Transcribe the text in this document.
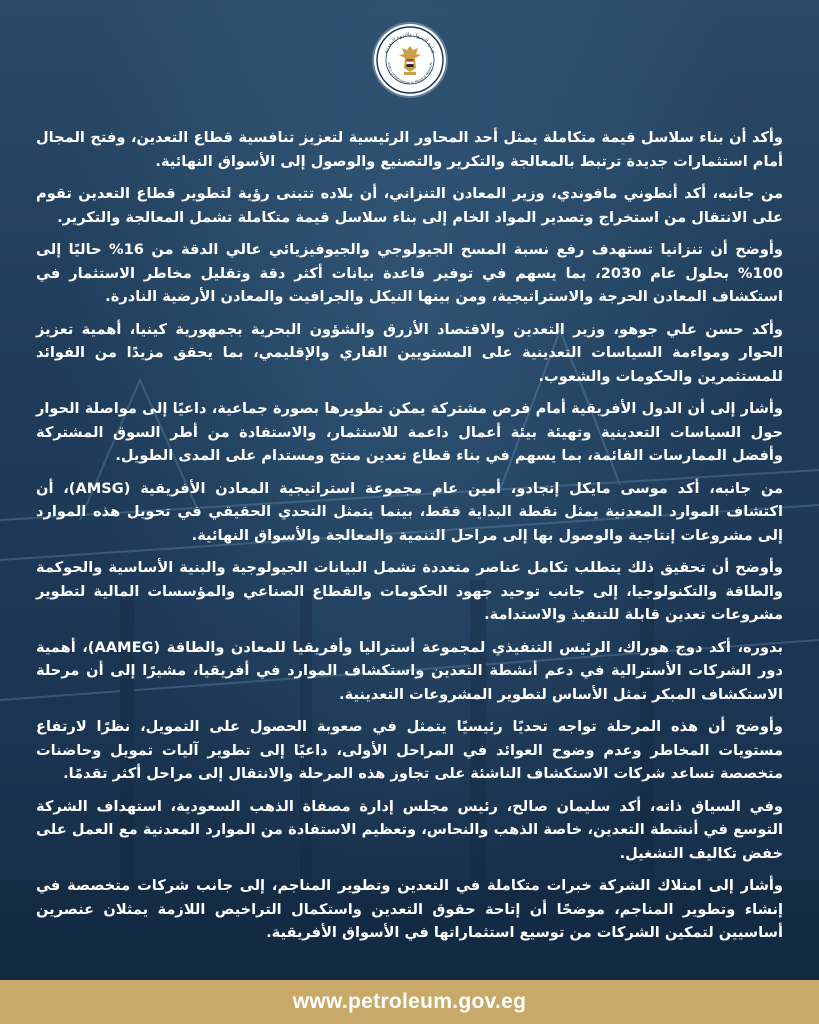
وزارة البترول والثروة المعدنية
nistry of Petroleum & Mineral Resourc

وأكد أن بناء سلاسل قيمة متكاملة يمثل أحد المحاور الرئيسية لتعزيز تنافسية قطاع التعدين، وفتح المجال أمام استثمارات جديدة ترتبط بالمعالجة والتكرير والتصنيع والوصول إلى الأسواق النهائية.

من جانبه، أكد أنطوني مافوندي، وزير المعادن التنزاني، أن بلاده تتبنى رؤية لتطوير قطاع التعدين تقوم على الانتقال من استخراج وتصدير المواد الخام إلى بناء سلاسل قيمة متكاملة تشمل المعالجة والتكرير.

وأوضح أن تنزانيا تستهدف رفع نسبة المسح الجيولوجي والجيوفيزيائي عالي الدقة من 16% حاليًا إلى 100% بحلول عام 2030، بما يسهم في توفير قاعدة بيانات أكثر دقة وتقليل مخاطر الاستثمار في استكشاف المعادن الحرجة والاستراتيجية، ومن بينها النيكل والجرافيت والمعادن الأرضية النادرة.

وأكد حسن علي جوهو، وزير التعدين والاقتصاد الأزرق والشؤون البحرية بجمهورية كينيا، أهمية تعزيز الحوار ومواءمة السياسات التعدينية على المستويين القاري والإقليمي، بما يحقق مزيدًا من الفوائد للمستثمرين والحكومات والشعوب.

وأشار إلى أن الدول الأفريقية أمام فرص مشتركة يمكن تطويرها بصورة جماعية، داعيًا إلى مواصلة الحوار حول السياسات التعدينية وتهيئة بيئة أعمال داعمة للاستثمار، والاستفادة من أطر السوق المشتركة وأفضل الممارسات القائمة، بما يسهم في بناء قطاع تعدين منتج ومستدام على المدى الطويل.

من جانبه، أكد موسى مايكل إنجادو، أمين عام مجموعة استراتيجية المعادن الأفريقية (AMSG)، أن اكتشاف الموارد المعدنية يمثل نقطة البداية فقط، بينما يتمثل التحدي الحقيقي في تحويل هذه الموارد إلى مشروعات إنتاجية والوصول بها إلى مراحل التنمية والمعالجة والأسواق النهائية.

وأوضح أن تحقيق ذلك يتطلب تكامل عناصر متعددة تشمل البيانات الجيولوجية والبنية الأساسية والحوكمة والطاقة والتكنولوجيا، إلى جانب توحيد جهود الحكومات والقطاع الصناعي والمؤسسات المالية لتطوير مشروعات تعدين قابلة للتنفيذ والاستدامة.

بدوره، أكد دوج هوراك، الرئيس التنفيذي لمجموعة أستراليا وأفريقيا للمعادن والطاقة (AAMEG)، أهمية دور الشركات الأسترالية في دعم أنشطة التعدين واستكشاف الموارد في أفريقيا، مشيرًا إلى أن مرحلة الاستكشاف المبكر تمثل الأساس لتطوير المشروعات التعدينية.

وأوضح أن هذه المرحلة تواجه تحديًا رئيسيًا يتمثل في صعوبة الحصول على التمويل، نظرًا لارتفاع مستويات المخاطر وعدم وضوح العوائد في المراحل الأولى، داعيًا إلى تطوير آليات تمويل وحاضنات متخصصة تساعد شركات الاستكشاف الناشئة على تجاوز هذه المرحلة والانتقال إلى مراحل أكثر تقدمًا.

وفي السياق ذاته، أكد سليمان صالح، رئيس مجلس إدارة مصفاة الذهب السعودية، استهداف الشركة التوسع في أنشطة التعدين، خاصة الذهب والنحاس، وتعظيم الاستفادة من الموارد المعدنية مع العمل على خفض تكاليف التشغيل.

وأشار إلى امتلاك الشركة خبرات متكاملة في التعدين وتطوير المناجم، إلى جانب شركات متخصصة في إنشاء وتطوير المناجم، موضحًا أن إتاحة حقوق التعدين واستكمال التراخيص اللازمة يمثلان عنصرين أساسيين لتمكين الشركات من توسيع استثماراتها في الأسواق الأفريقية.

www.petroleum.gov.eg
